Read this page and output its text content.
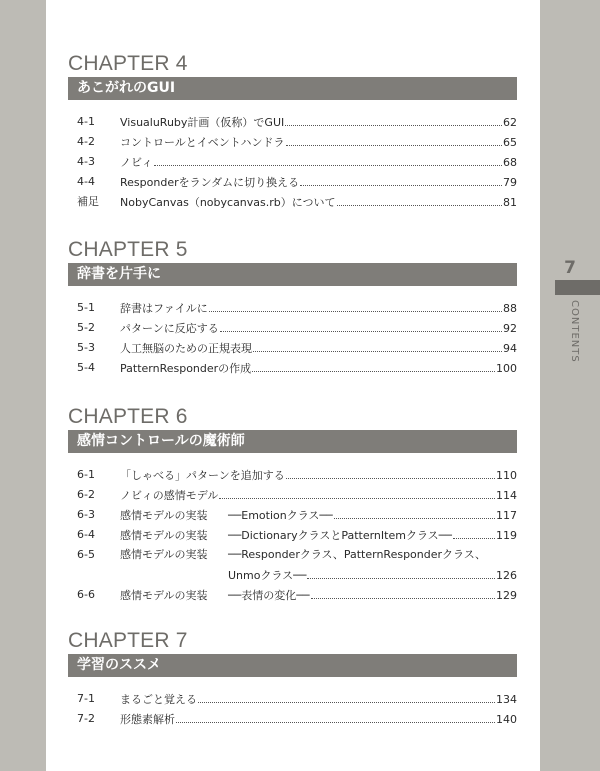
7
CONTENTS
CHAPTER 4
あこがれのGUI
4-1	VisualuRuby計画（仮称）でGUI	62
4-2	コントロールとイベントハンドラ	65
4-3	ノビィ	68
4-4	Responderをランダムに切り換える	79
補足	NobyCanvas（nobycanvas.rb）について	81
CHAPTER 5
辞書を片手に
5-1	辞書はファイルに	88
5-2	パターンに反応する	92
5-3	人工無脳のための正規表現	94
5-4	PatternResponderの作成	100
CHAPTER 6
感情コントロールの魔術師
6-1	「しゃべる」パターンを追加する	110
6-2	ノビィの感情モデル	114
6-3	感情モデルの実装 ──Emotionクラス──	117
6-4	感情モデルの実装 ──DictionaryクラスとPatternItemクラス──	119
6-5	感情モデルの実装 ──Responderクラス、PatternResponderクラス、
Unmoクラス──	126
6-6	感情モデルの実装 ──表情の変化──	129
CHAPTER 7
学習のススメ
7-1	まるごと覚える	134
7-2	形態素解析	140
